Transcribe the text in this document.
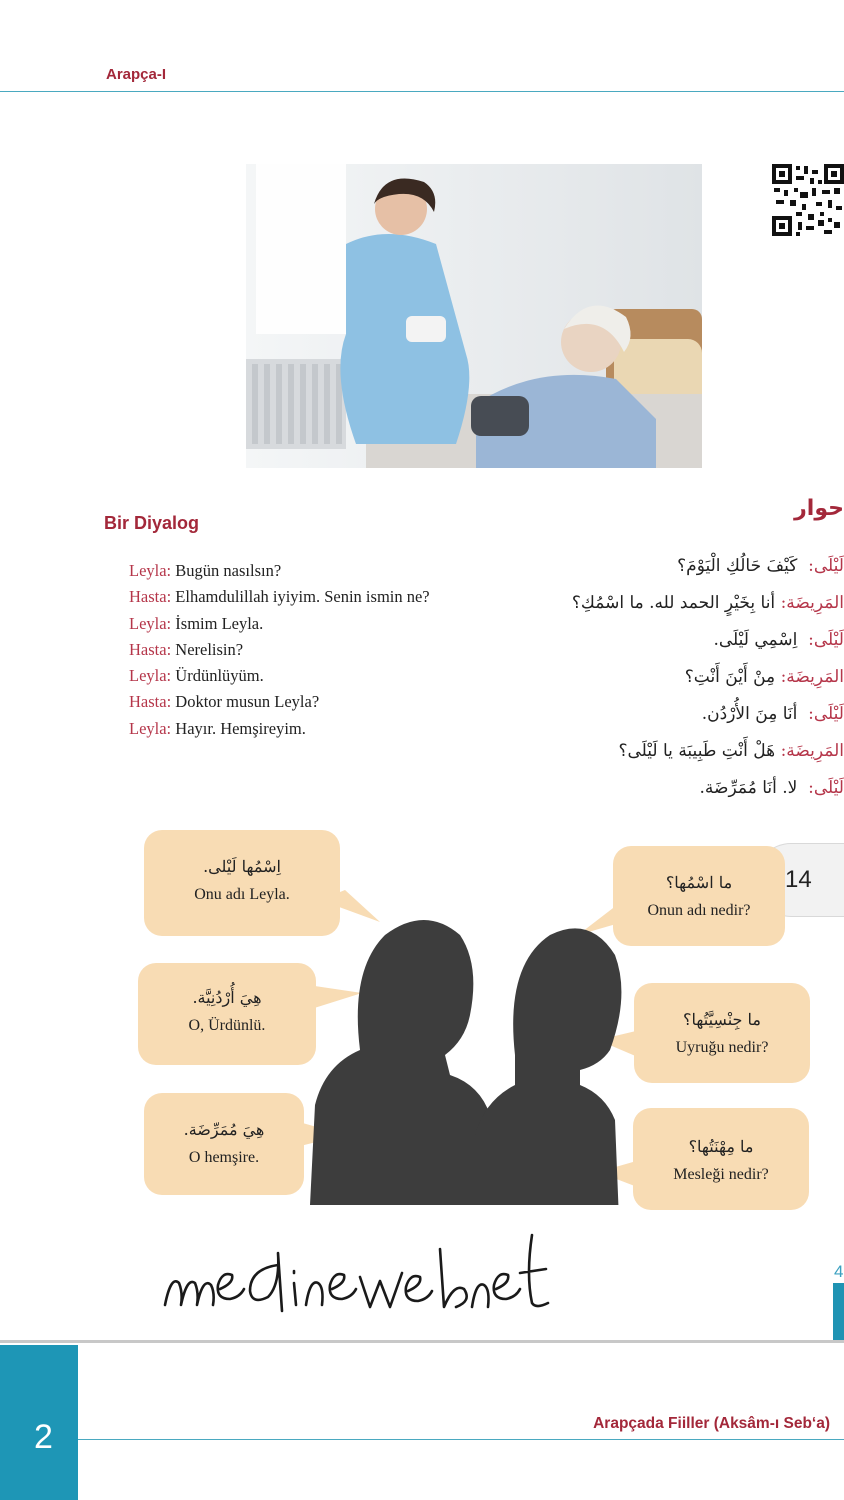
Arapça-I
Bir Diyalog
حوار
Leyla: Bugün nasılsın?
Hasta: Elhamdulillah iyiyim. Senin ismin ne?
Leyla: İsmim Leyla.
Hasta: Nerelisin?
Leyla: Ürdünlüyüm.
Hasta: Doktor musun Leyla?
Leyla: Hayır. Hemşireyim.
لَيْلَى:  كَيْفَ حَالُكِ الْيَوْمَ؟
المَرِيضَة: أنا بِخَيْرٍ الحمد لله. ما اسْمُكِ؟
لَيْلَى:  اِسْمِي لَيْلَى.
المَرِيضَة: مِنْ أَيْنَ أَنْتِ؟
لَيْلَى:  أنَا مِنَ الأُرْدُن.
المَرِيضَة: هَلْ أَنْتِ طَبِيبَة يا لَيْلَى؟
لَيْلَى:  لا. أنَا مُمَرِّضَة.
14
اِسْمُها لَيْلى.
Onu adı Leyla.
هِيَ أُرْدُنِيَّة.
O, Ürdünlü.
هِيَ مُمَرِّضَة.
O hemşire.
ما اسْمُها؟
Onun adı nedir?
ما جِنْسِيَّتُها؟
Uyruğu nedir?
ما مِهْنَتُها؟
Mesleği nedir?
4
2	Arapçada Fiiller (Aksâm-ı Seb‘a)
